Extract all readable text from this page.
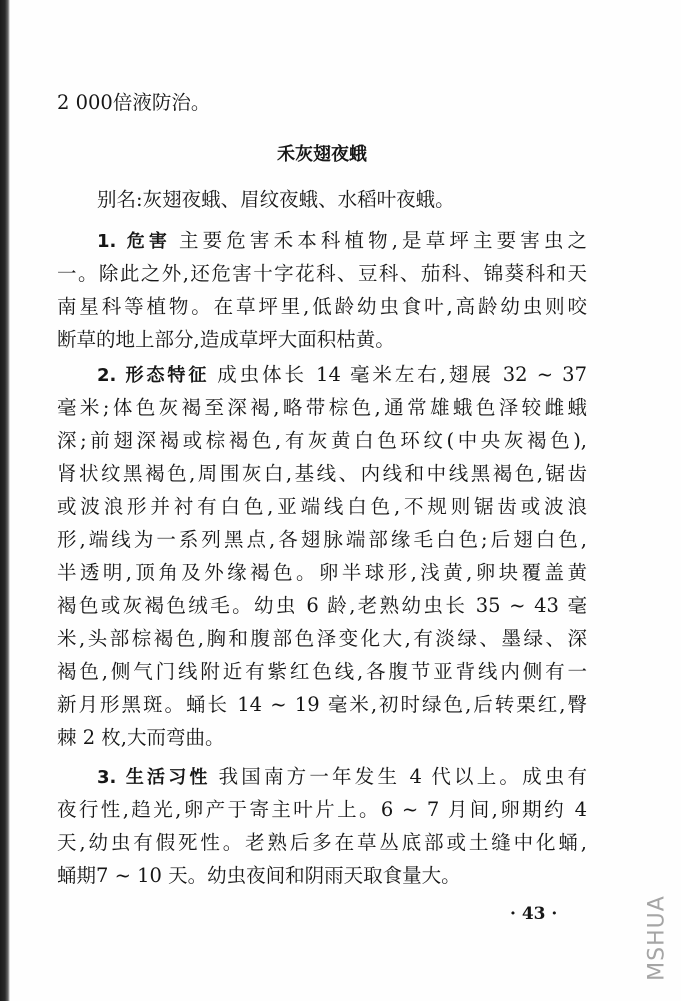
2 000倍液防治。
禾灰翅夜蛾
别名:灰翅夜蛾、眉纹夜蛾、水稻叶夜蛾。
1. 危害 主要危害禾本科植物,是草坪主要害虫之
一。除此之外,还危害十字花科、豆科、茄科、锦葵科和天
南星科等植物。在草坪里,低龄幼虫食叶,高龄幼虫则咬
断草的地上部分,造成草坪大面积枯黄。
2. 形态特征 成虫体长 14 毫米左右,翅展 32 ~ 37
毫米;体色灰褐至深褐,略带棕色,通常雄蛾色泽较雌蛾
深;前翅深褐或棕褐色,有灰黄白色环纹(中央灰褐色),
肾状纹黑褐色,周围灰白,基线、内线和中线黑褐色,锯齿
或波浪形并衬有白色,亚端线白色,不规则锯齿或波浪
形,端线为一系列黑点,各翅脉端部缘毛白色;后翅白色,
半透明,顶角及外缘褐色。卵半球形,浅黄,卵块覆盖黄
褐色或灰褐色绒毛。幼虫 6 龄,老熟幼虫长 35 ~ 43 毫
米,头部棕褐色,胸和腹部色泽变化大,有淡绿、墨绿、深
褐色,侧气门线附近有紫红色线,各腹节亚背线内侧有一
新月形黑斑。蛹长 14 ~ 19 毫米,初时绿色,后转栗红,臀
棘 2 枚,大而弯曲。
3. 生活习性 我国南方一年发生 4 代以上。成虫有
夜行性,趋光,卵产于寄主叶片上。6 ~ 7 月间,卵期约 4
天,幼虫有假死性。老熟后多在草丛底部或土缝中化蛹,
蛹期7 ~ 10 天。幼虫夜间和阴雨天取食量大。
· 43 ·	MSHUA
